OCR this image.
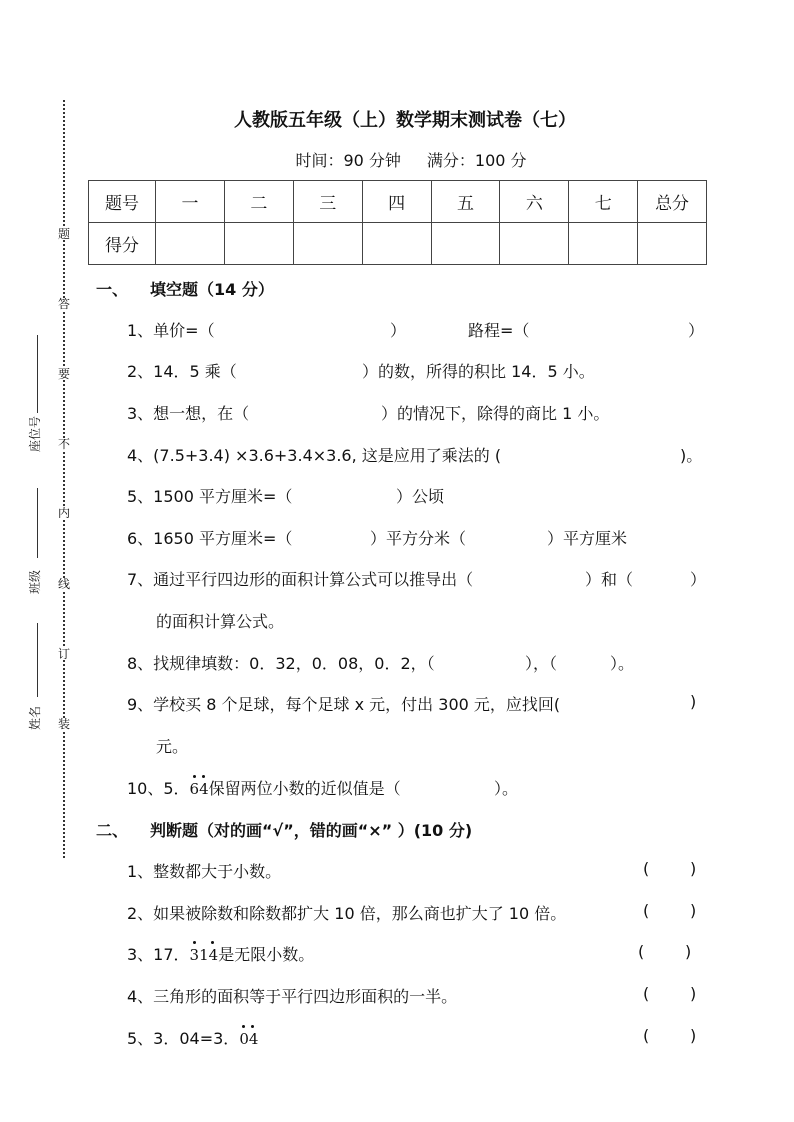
题
答
要
不
内
线
订
装
座位号
班级
姓名
人教版五年级（上）数学期末测试卷（七）
时间：90 分钟 满分：100 分
题号	一	二	三	四	五	六	七	总分
得分								
一、 填空题（14 分）
1、单价=（	）	路程=（	）
2、14．5 乘（	）的数，所得的积比 14．5 小。
3、想一想，在（	）的情况下，除得的商比 1 小。
4、(7.5+3.4) ×3.6+3.4×3.6, 这是应用了乘法的 (	)。
5、1500 平方厘米=（	）公顷
6、1650 平方厘米=（	）平方分米（	）平方厘米
7、通过平行四边形的面积计算公式可以推导出（	）和（	）
的面积计算公式。
8、找规律填数：0．32，0．08，0．2，（	），（	）。
9、学校买 8 个足球，每个足球 x 元，付出 300 元，应找回(	)
元。
10、5．
64保留两位小数的近似值是（	）。
二、 判断题（对的画“√”，错的画“×” ）(10 分)
1、整数都大于小数。	(	)
2、如果被除数和除数都扩大 10 倍，那么商也扩大了 10 倍。	(	)
3、17．
314是无限小数。	(	)
4、三角形的面积等于平行四边形面积的一半。	(	)
5、3．04=3．
04	(	)
